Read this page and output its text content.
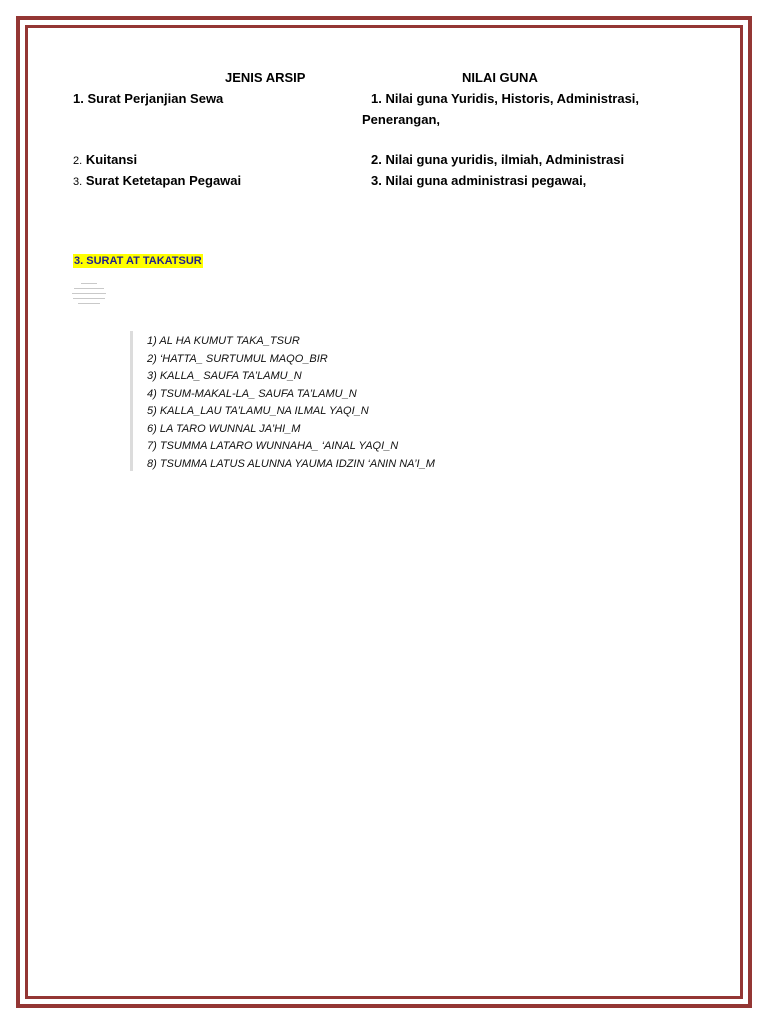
JENIS ARSIP	NILAI GUNA
1. Surat Perjanjian Sewa	1. Nilai guna Yuridis, Historis, Administrasi,
Penerangan,
2. Kuitansi	2. Nilai guna yuridis, ilmiah, Administrasi
3. Surat Ketetapan Pegawai	3. Nilai guna administrasi pegawai,
3. SURAT AT TAKATSUR
1) AL HA KUMUT TAKA_TSUR
2) ‘HATTA_ SURTUMUL MAQO_BIR
3) KALLA_ SAUFA TA’LAMU_N
4) TSUM-MAKAL-LA_ SAUFA TA’LAMU_N
5) KALLA_LAU TA’LAMU_NA ILMAL YAQI_N
6) LA TARO WUNNAL JA’HI_M
7) TSUMMA LATARO WUNNAHA_ ‘AINAL YAQI_N
8) TSUMMA LATUS ALUNNA YAUMA IDZIN ‘ANIN NA’I_M
